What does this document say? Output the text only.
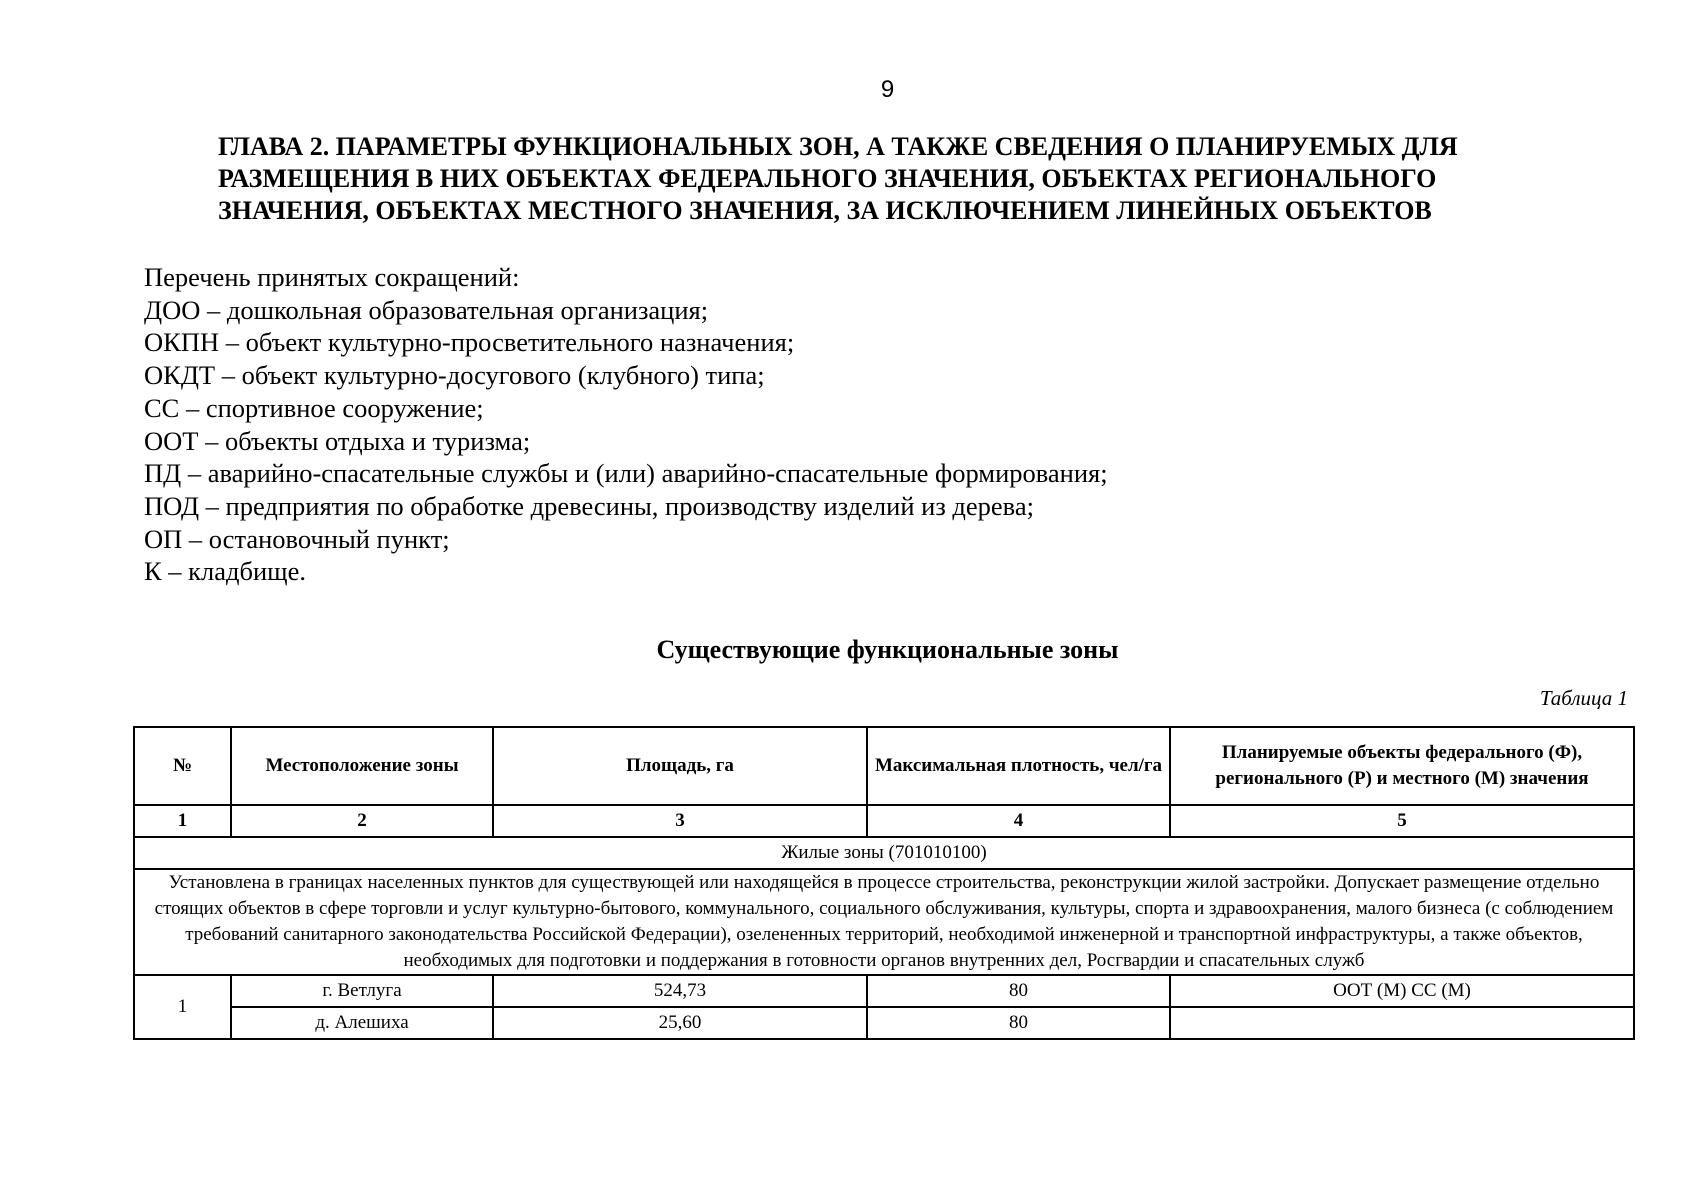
9
ГЛАВА 2. ПАРАМЕТРЫ ФУНКЦИОНАЛЬНЫХ ЗОН, А ТАКЖЕ СВЕДЕНИЯ О ПЛАНИРУЕМЫХ ДЛЯ
РАЗМЕЩЕНИЯ В НИХ ОБЪЕКТАХ ФЕДЕРАЛЬНОГО ЗНАЧЕНИЯ, ОБЪЕКТАХ РЕГИОНАЛЬНОГО
ЗНАЧЕНИЯ, ОБЪЕКТАХ МЕСТНОГО ЗНАЧЕНИЯ, ЗА ИСКЛЮЧЕНИЕМ ЛИНЕЙНЫХ ОБЪЕКТОВ
Перечень принятых сокращений:
ДОО – дошкольная образовательная организация;
ОКПН – объект культурно-просветительного назначения;
ОКДТ – объект культурно-досугового (клубного) типа;
СС – спортивное сооружение;
ООТ – объекты отдыха и туризма;
ПД – аварийно-спасательные службы и (или) аварийно-спасательные формирования;
ПОД – предприятия по обработке древесины, производству изделий из дерева;
ОП – остановочный пункт;
К – кладбище.
Существующие функциональные зоны
Таблица 1
№	Местоположение зоны	Площадь, га	Максимальная плотность, чел/га	Планируемые объекты федерального (Ф), регионального (Р) и местного (М) значения
1	2	3	4	5
Жилые зоны (701010100)				
Установлена в границах населенных пунктов для существующей или находящейся в процессе строительства, реконструкции жилой застройки. Допускает размещение отдельно стоящих объектов в сфере торговли и услуг культурно-бытового, коммунального, социального обслуживания, культуры, спорта и здравоохранения, малого бизнеса (с соблюдением требований санитарного законодательства Российской Федерации), озелененных территорий, необходимой инженерной и транспортной инфраструктуры, а также объектов, необходимых для подготовки и поддержания в готовности органов внутренних дел, Росгвардии и спасательных служб				
1	г. Ветлуга	524,73	80	ООТ (М) СС (М)
	д. Алешиха	25,60	80	
